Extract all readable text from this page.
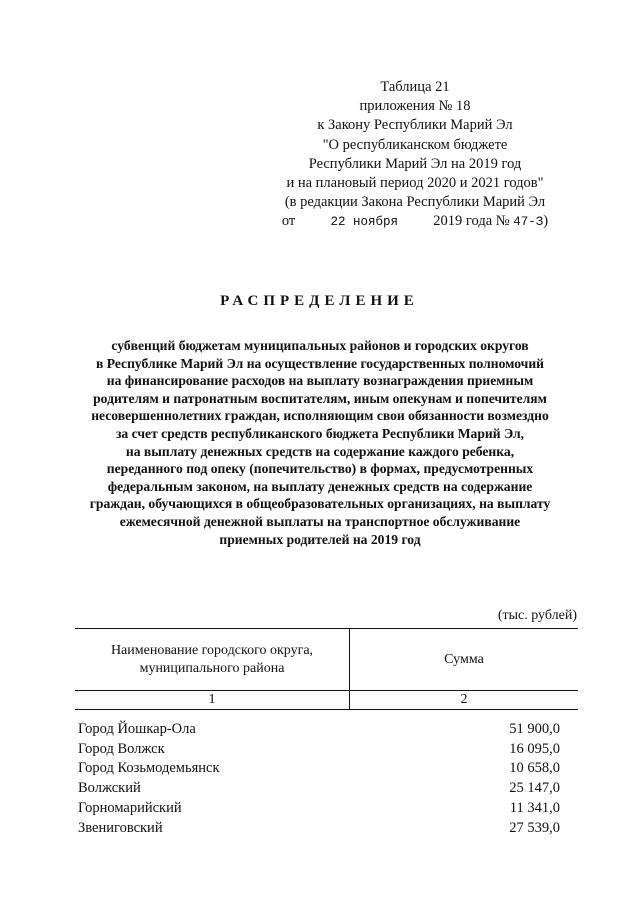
Таблица 21
приложения № 18
к Закону Республики Марий Эл
"О республиканском бюджете
Республики Марий Эл на 2019 год
и на плановый период 2020 и 2021 годов"
(в редакции Закона Республики Марий Эл
от	22 ноября 2019 года № 47-З)
РАСПРЕДЕЛЕНИЕ
субвенций бюджетам муниципальных районов и городских округов
в Республике Марий Эл на осуществление государственных полномочий
на финансирование расходов на выплату вознаграждения приемным
родителям и патронатным воспитателям, иным опекунам и попечителям
несовершеннолетних граждан, исполняющим свои обязанности возмездно
за счет средств республиканского бюджета Республики Марий Эл,
на выплату денежных средств на содержание каждого ребенка,
переданного под опеку (попечительство) в формах, предусмотренных
федеральным законом, на выплату денежных средств на содержание
граждан, обучающихся в общеобразовательных организациях, на выплату
ежемесячной денежной выплаты на транспортное обслуживание
приемных родителей на 2019 год
(тыс. рублей)
Наименование городского округа,
муниципального района	Сумма
1	2
Город Йошкар-Ола	51 900,0
Город Волжск	16 095,0
Город Козьмодемьянск	10 658,0
Волжский	25 147,0
Горномарийский	11 341,0
Звениговский	27 539,0
